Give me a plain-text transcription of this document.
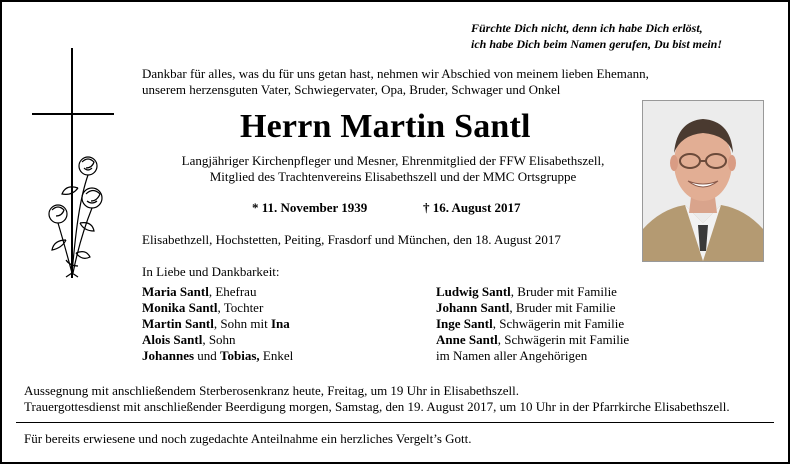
Fürchte Dich nicht, denn ich habe Dich erlöst,
ich habe Dich beim Namen gerufen, Du bist mein!
Dankbar für alles, was du für uns getan hast, nehmen wir Abschied von meinem lieben Ehemann,
unserem herzensguten Vater, Schwiegervater, Opa, Bruder, Schwager und Onkel
Herrn Martin Santl
Langjähriger Kirchenpfleger und Mesner, Ehrenmitglied der FFW Elisabethszell,
Mitglied des Trachtenvereins Elisabethszell und der MMC Ortsgruppe
* 11. November 1939	† 16. August 2017
Elisabethzell, Hochstetten, Peiting, Frasdorf und München, den 18. August 2017
In Liebe und Dankbarkeit:
Maria Santl, Ehefrau
Monika Santl, Tochter
Martin Santl, Sohn mit Ina
Alois Santl, Sohn
Johannes und Tobias, Enkel
Ludwig Santl, Bruder mit Familie
Johann Santl, Bruder mit Familie
Inge Santl, Schwägerin mit Familie
Anne Santl, Schwägerin mit Familie
im Namen aller Angehörigen
Aussegnung mit anschließendem Sterberosenkranz heute, Freitag, um 19 Uhr in Elisabethszell.
Trauergottesdienst mit anschließender Beerdigung morgen, Samstag, den 19. August 2017, um 10 Uhr in der Pfarrkirche Elisabethszell.
Für bereits erwiesene und noch zugedachte Anteilnahme ein herzliches Vergelt’s Gott.
